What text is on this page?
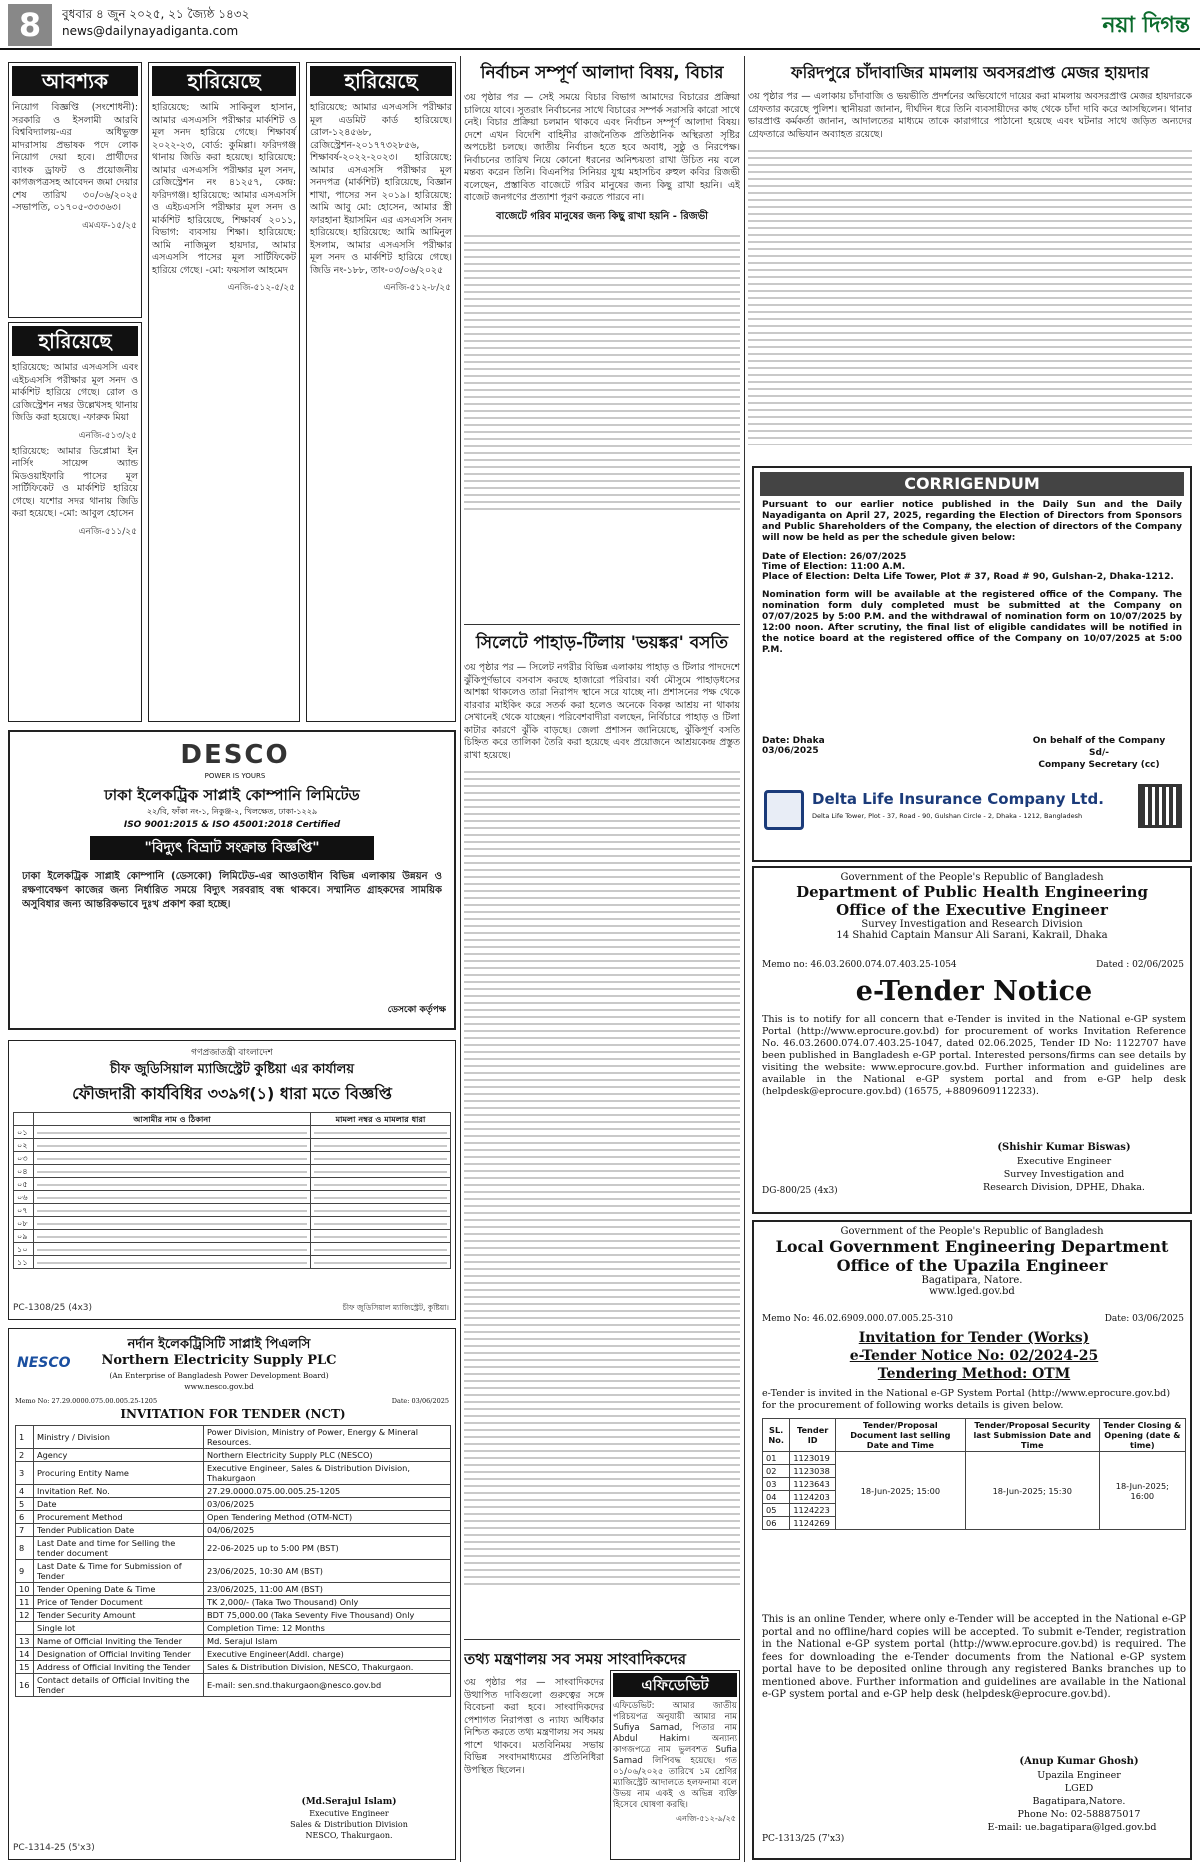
8	বুধবার ৪ জুন ২০২৫, ২১ জ্যৈষ্ঠ ১৪৩২
news@dailynayadiganta.com	নয়া দিগন্ত
আবশ্যক
নিয়োগ বিজ্ঞপ্তি (সংশোধনী): সরকারি ও ইসলামী আরবি বিশ্ববিদ্যালয়-এর অধিভুক্ত মাদরাসায় প্রভাষক পদে লোক নিয়োগ দেয়া হবে। প্রার্থীদের ব্যাংক ড্রাফট ও প্রয়োজনীয় কাগজপত্রসহ আবেদন জমা দেয়ার শেষ তারিখ ৩০/০৬/২০২৫ -সভাপতি, ০১৭০৫-৩৩৩৬৩।
এমএফ-১৫/২৫
হারিয়েছে
হারিয়েছে: আমার এসএসসি এবং এইচএসসি পরীক্ষার মূল সনদ ও মার্কশিট হারিয়ে গেছে। রোল ও রেজিস্ট্রেশন নম্বর উল্লেখসহ থানায় জিডি করা হয়েছে। -ফারুক মিয়া
এনজি-৫১৩/২৫
হারিয়েছে: আমার ডিপ্লোমা ইন নার্সিং সায়েন্স অ্যান্ড মিডওয়াইফারি পাসের মূল সার্টিফিকেট ও মার্কশিট হারিয়ে গেছে। যশোর সদর থানায় জিডি করা হয়েছে। -মো: আবুল হোসেন
এনজি-৫১১/২৫
হারিয়েছে
হারিয়েছে: আমি সাকিবুল হাসান, আমার এসএসসি পরীক্ষার মার্কশিট ও মূল সনদ হারিয়ে গেছে। শিক্ষাবর্ষ ২০২২-২৩, বোর্ড: কুমিল্লা। ফরিদগঞ্জ থানায় জিডি করা হয়েছে। হারিয়েছে: আমার এসএসসি পরীক্ষার মূল সনদ, রেজিস্ট্রেশন নং ৪১২৫৭, কেন্দ্র: ফরিদগঞ্জ। হারিয়েছে: আমার এসএসসি ও এইচএসসি পরীক্ষার মূল সনদ ও মার্কশিট হারিয়েছে, শিক্ষাবর্ষ ২০১১, বিভাগ: ব্যবসায় শিক্ষা। হারিয়েছে: আমি নাজিমুল হায়দার, আমার এসএসসি পাসের মূল সার্টিফিকেট হারিয়ে গেছে। -মো: ফয়সাল আহমেদ
এনজি-৫১২-৫/২৫
হারিয়েছে
হারিয়েছে: আমার এসএসসি পরীক্ষার মূল এডমিট কার্ড হারিয়েছে। রোল-১২৪৫৬৮, রেজিস্ট্রেশন-২০১৭৭৩২৮৫৬, শিক্ষাবর্ষ-২০২২-২০২৩। হারিয়েছে: আমার এসএসসি পরীক্ষার মূল সনদপত্র (মার্কশিট) হারিয়েছে, বিজ্ঞান শাখা, পাসের সন ২০১৯। হারিয়েছে: আমি আবু মো: হোসেন, আমার স্ত্রী ফারহানা ইয়াসমিন এর এসএসসি সনদ হারিয়েছে। হারিয়েছে: আমি আমিনুল ইসলাম, আমার এসএসসি পরীক্ষার মূল সনদ ও মার্কশিট হারিয়ে গেছে। জিডি নং-১৮৮, তাং-০৩/০৬/২০২৫
এনজি-৫১২-৮/২৫
DESCO
POWER IS YOURS
ঢাকা ইলেকট্রিক সাপ্লাই কোম্পানি লিমিটেড
২২/বি, ফাঁকা নং-১, নিকুঞ্জ-২, খিলক্ষেত, ঢাকা-১২২৯
ISO 9001:2015 & ISO 45001:2018 Certified
"বিদ্যুৎ বিভ্রাট সংক্রান্ত বিজ্ঞপ্তি"
ঢাকা ইলেকট্রিক সাপ্লাই কোম্পানি (ডেসকো) লিমিটেড-এর আওতাধীন বিভিন্ন এলাকায় উন্নয়ন ও রক্ষণাবেক্ষণ কাজের জন্য নির্ধারিত সময়ে বিদ্যুৎ সরবরাহ বন্ধ থাকবে। সম্মানিত গ্রাহকদের সাময়িক অসুবিধার জন্য আন্তরিকভাবে দুঃখ প্রকাশ করা হচ্ছে।
ডেসকো কর্তৃপক্ষ
গণপ্রজাতন্ত্রী বাংলাদেশ
চীফ জুডিসিয়াল ম্যাজিস্ট্রেট কুষ্টিয়া এর কার্যালয়
ফৌজদারী কার্যবিধির ৩৩৯গ(১) ধারা মতে বিজ্ঞপ্তি
	আসামীর নাম ও ঠিকানা	মামলা নম্বর ও মামলার ধারা
০১	

০২	

০৩	

০৪	

০৫	

০৬	

০৭	

০৮	

০৯	

১০	

১১	

PC-1308/25 (4x3)	চীফ জুডিসিয়াল ম্যাজিস্ট্রেট, কুষ্টিয়া।
NESCO
নর্দান ইলেকট্রিসিটি সাপ্লাই পিএলসি
Northern Electricity Supply PLC
(An Enterprise of Bangladesh Power Development Board)
www.nesco.gov.bd
Memo No: 27.29.0000.075.00.005.25-1205	Date: 03/06/2025
INVITATION FOR TENDER (NCT)
1	Ministry / Division	Power Division, Ministry of Power, Energy & Mineral Resources.
2	Agency	Northern Electricity Supply PLC (NESCO)
3	Procuring Entity Name	Executive Engineer, Sales & Distribution Division, Thakurgaon
4	Invitation Ref. No.	27.29.0000.075.00.005.25-1205
5	Date	03/06/2025
6	Procurement Method	Open Tendering Method (OTM-NCT)
7	Tender Publication Date	04/06/2025
8	Last Date and time for Selling the tender document	22-06-2025 up to 5:00 PM (BST)
9	Last Date & Time for Submission of Tender	23/06/2025, 10:30 AM (BST)
10	Tender Opening Date & Time	23/06/2025, 11:00 AM (BST)
11	Price of Tender Document	TK 2,000/- (Taka Two Thousand) Only
12	Tender Security Amount	BDT 75,000.00 (Taka Seventy Five Thousand) Only
	Single lot	Completion Time: 12 Months
13	Name of Official Inviting the Tender	Md. Serajul Islam
14	Designation of Official Inviting Tender	Executive Engineer(Addl. charge)
15	Address of Official Inviting the Tender	Sales & Distribution Division, NESCO, Thakurgaon.
16	Contact details of Official Inviting the Tender	E-mail: sen.snd.thakurgaon@nesco.gov.bd
(Md.Serajul Islam)
Executive Engineer
Sales & Distribution Division
NESCO, Thakurgaon.
PC-1314-25 (5'x3)
নির্বাচন সম্পূর্ণ আলাদা বিষয়, বিচার
৩য় পৃষ্ঠার পর — সেই সময়ে বিচার বিভাগ আমাদের বিচারের প্রক্রিয়া চালিয়ে যাবে। সুতরাং নির্বাচনের সাথে বিচারের সম্পর্ক সরাসরি কারো সাথে নেই। বিচার প্রক্রিয়া চলমান থাকবে এবং নির্বাচন সম্পূর্ণ আলাদা বিষয়। দেশে এখন বিদেশি বাহিনীর রাজনৈতিক প্রতিষ্ঠানিক অস্থিরতা সৃষ্টির অপচেষ্টা চলছে। জাতীয় নির্বাচন হতে হবে অবাধ, সুষ্ঠু ও নিরপেক্ষ। নির্বাচনের তারিখ নিয়ে কোনো ধরনের অনিশ্চয়তা রাখা উচিত নয় বলে মন্তব্য করেন তিনি। বিএনপির সিনিয়র যুগ্ম মহাসচিব রুহুল কবির রিজভী বলেছেন, প্রস্তাবিত বাজেটে গরিব মানুষের জন্য কিছু রাখা হয়নি। এই বাজেট জনগণের প্রত্যাশা পূরণ করতে পারবে না।
বাজেটে গরিব মানুষের জন্য কিছু রাখা হয়নি - রিজভী
সিলেটে পাহাড়-টিলায় 'ভয়ঙ্কর' বসতি
৩য় পৃষ্ঠার পর — সিলেট নগরীর বিভিন্ন এলাকায় পাহাড় ও টিলার পাদদেশে ঝুঁকিপূর্ণভাবে বসবাস করছে হাজারো পরিবার। বর্ষা মৌসুমে পাহাড়ধসের আশঙ্কা থাকলেও তারা নিরাপদ স্থানে সরে যাচ্ছে না। প্রশাসনের পক্ষ থেকে বারবার মাইকিং করে সতর্ক করা হলেও অনেকে বিকল্প আশ্রয় না থাকায় সেখানেই থেকে যাচ্ছেন। পরিবেশবাদীরা বলছেন, নির্বিচারে পাহাড় ও টিলা কাটার কারণে ঝুঁকি বাড়ছে। জেলা প্রশাসন জানিয়েছে, ঝুঁকিপূর্ণ বসতি চিহ্নিত করে তালিকা তৈরি করা হয়েছে এবং প্রয়োজনে আশ্রয়কেন্দ্র প্রস্তুত রাখা হয়েছে।
তথ্য মন্ত্রণালয় সব সময় সাংবাদিকদের
৩য় পৃষ্ঠার পর — সাংবাদিকদের উত্থাপিত দাবিগুলো গুরুত্বের সঙ্গে বিবেচনা করা হবে। সাংবাদিকদের পেশাগত নিরাপত্তা ও ন্যায্য অধিকার নিশ্চিত করতে তথ্য মন্ত্রণালয় সব সময় পাশে থাকবে। মতবিনিময় সভায় বিভিন্ন সংবাদমাধ্যমের প্রতিনিধিরা উপস্থিত ছিলেন।
এফিডেভিট
এফিডেভিট: আমার জাতীয় পরিচয়পত্র অনুযায়ী আমার নাম Sufiya Samad, পিতার নাম Abdul Hakim। অন্যান্য কাগজপত্রে নাম ভুলবশত Sufia Samad লিপিবদ্ধ হয়েছে। গত ০১/০৬/২০২৫ তারিখে ১ম শ্রেণির ম্যাজিস্ট্রেট আদালতে হলফনামা বলে উভয় নাম একই ও অভিন্ন ব্যক্তি হিসেবে ঘোষণা করছি।
এনজি-৫১২-৯/২৫
ফরিদপুরে চাঁদাবাজির মামলায় অবসরপ্রাপ্ত মেজর হায়দার
৩য় পৃষ্ঠার পর — এলাকায় চাঁদাবাজি ও ভয়ভীতি প্রদর্শনের অভিযোগে দায়ের করা মামলায় অবসরপ্রাপ্ত মেজর হায়দারকে গ্রেফতার করেছে পুলিশ। স্থানীয়রা জানান, দীর্ঘদিন ধরে তিনি ব্যবসায়ীদের কাছ থেকে চাঁদা দাবি করে আসছিলেন। থানার ভারপ্রাপ্ত কর্মকর্তা জানান, আদালতের মাধ্যমে তাকে কারাগারে পাঠানো হয়েছে এবং ঘটনার সাথে জড়িত অন্যদের গ্রেফতারে অভিযান অব্যাহত রয়েছে।
CORRIGENDUM
Pursuant to our earlier notice published in the Daily Sun and the Daily Nayadiganta on April 27, 2025, regarding the Election of Directors from Sponsors and Public Shareholders of the Company, the election of directors of the Company will now be held as per the schedule given below:
Date of Election: 26/07/2025
Time of Election: 11:00 A.M.
Place of Election: Delta Life Tower, Plot # 37, Road # 90, Gulshan-2, Dhaka-1212.
Nomination form will be available at the registered office of the Company. The nomination form duly completed must be submitted at the Company on 07/07/2025 by 5:00 P.M. and the withdrawal of nomination form on 10/07/2025 by 12:00 noon. After scrutiny, the final list of eligible candidates will be notified in the notice board at the registered office of the Company on 10/07/2025 at 5:00 P.M.
Date: Dhaka 03/06/2025
On behalf of the Company
Sd/-
Company Secretary (cc)
Delta Life Insurance Company Ltd.
Delta Life Tower, Plot - 37, Road - 90, Gulshan Circle - 2, Dhaka - 1212, Bangladesh
Government of the People's Republic of Bangladesh
Department of Public Health Engineering
Office of the Executive Engineer
Survey Investigation and Research Division
14 Shahid Captain Mansur Ali Sarani, Kakrail, Dhaka
Memo no: 46.03.2600.074.07.403.25-1054	Dated : 02/06/2025
e-Tender Notice
This is to notify for all concern that e-Tender is invited in the National e-GP system Portal (http://www.eprocure.gov.bd) for procurement of works Invitation Reference No. 46.03.2600.074.07.403.25-1047, dated 02.06.2025, Tender ID No: 1122707 have been published in Bangladesh e-GP portal. Interested persons/firms can see details by visiting the website: www.eprocure.gov.bd. Further information and guidelines are available in the National e-GP system portal and from e-GP help desk (helpdesk@eprocure.gov.bd) (16575, +8809609112233).
(Shishir Kumar Biswas)
Executive Engineer
Survey Investigation and
Research Division, DPHE, Dhaka.
DG-800/25 (4x3)
Government of the People's Republic of Bangladesh
Local Government Engineering Department
Office of the Upazila Engineer
Bagatipara, Natore.
www.lged.gov.bd
Memo No: 46.02.6909.000.07.005.25-310	Date: 03/06/2025
Invitation for Tender (Works)
e-Tender Notice No: 02/2024-25
Tendering Method: OTM
e-Tender is invited in the National e-GP System Portal (http://www.eprocure.gov.bd) for the procurement of following works details is given below.
SL. No.	Tender ID	Tender/Proposal Document last selling Date and Time	Tender/Proposal Security last Submission Date and Time	Tender Closing & Opening (date & time)
01	1123019	18-Jun-2025; 15:00	18-Jun-2025; 15:30	18-Jun-2025; 16:00
02	1123038			
03	1123643			
04	1124203			
05	1124223			
06	1124269			
This is an online Tender, where only e-Tender will be accepted in the National e-GP portal and no offline/hard copies will be accepted. To submit e-Tender, registration in the National e-GP system portal (http://www.eprocure.gov.bd) is required. The fees for downloading the e-Tender documents from the National e-GP system portal have to be deposited online through any registered Banks branches up to mentioned above. Further information and guidelines are available in the National e-GP system portal and e-GP help desk (helpdesk@eprocure.gov.bd).
(Anup Kumar Ghosh)
Upazila Engineer
LGED
Bagatipara,Natore.
Phone No: 02-588875017
E-mail: ue.bagatipara@lged.gov.bd
PC-1313/25 (7'x3)
